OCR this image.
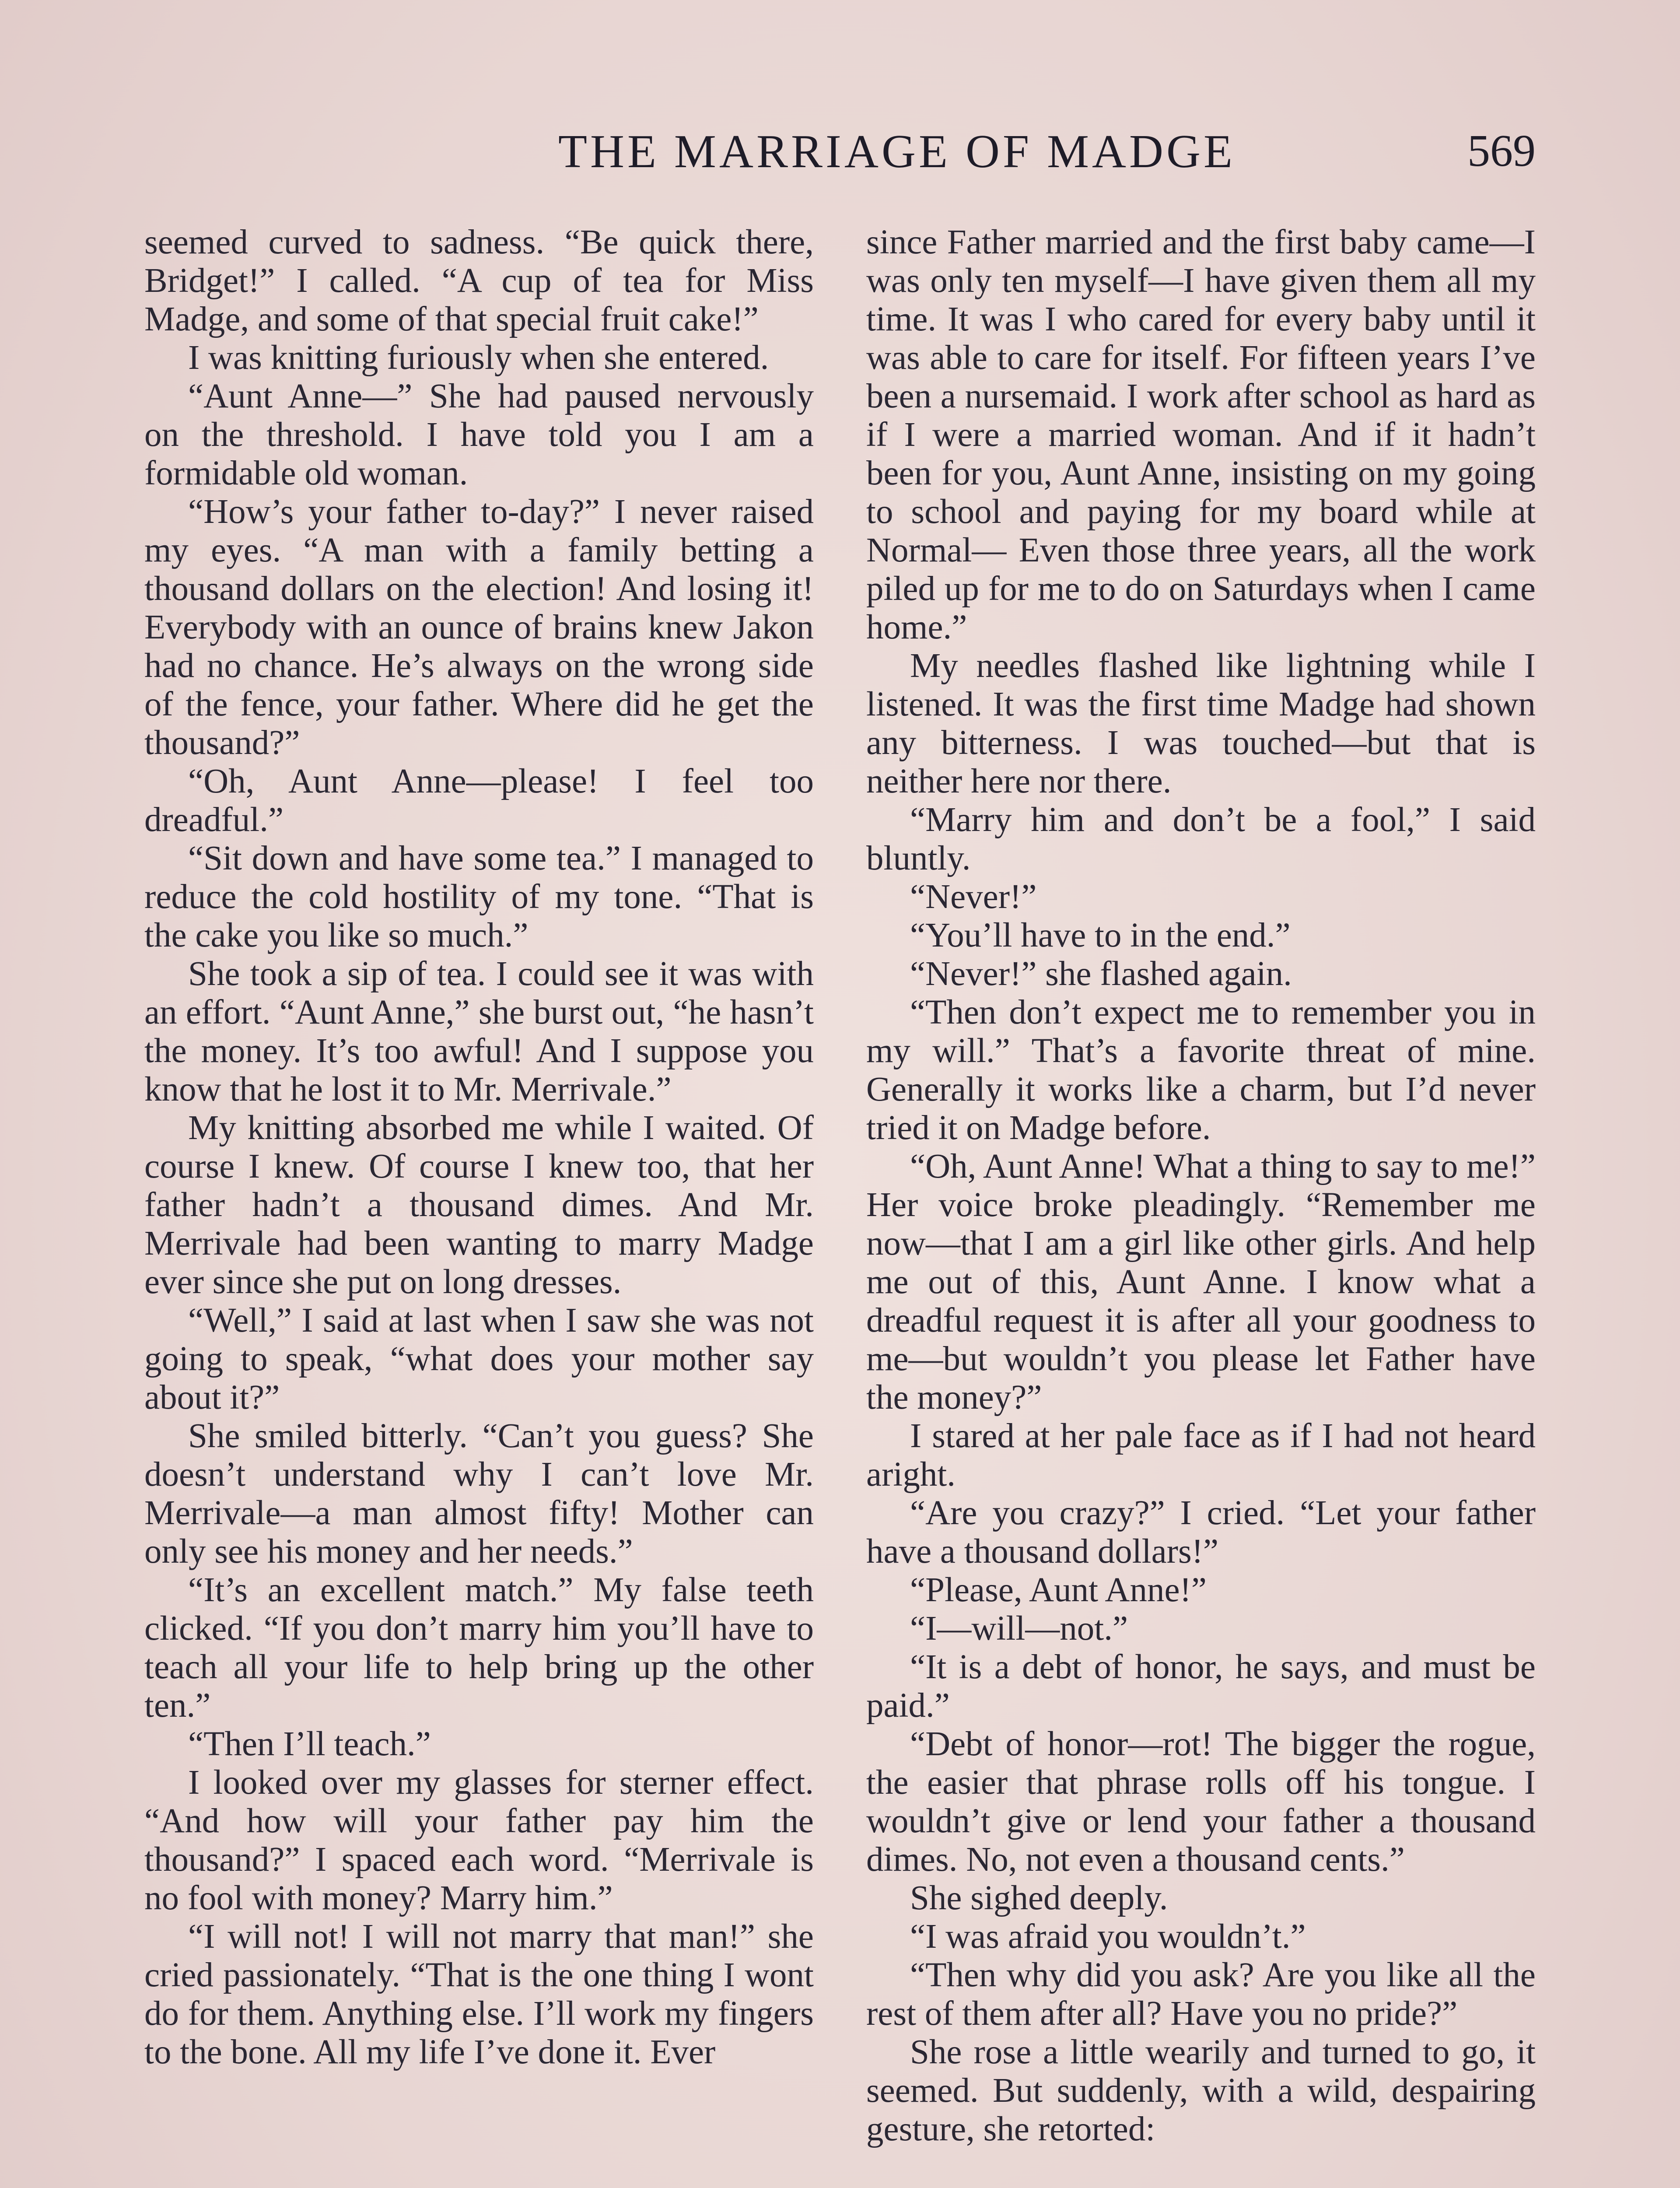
THE MARRIAGE OF MADGE	569

seemed curved to sadness. “Be quick there, Bridget!” I called. “A cup of tea for Miss Madge, and some of that special fruit cake!”

I was knitting furiously when she entered.

“Aunt Anne—” She had paused nervously on the threshold. I have told you I am a formidable old woman.

“How’s your father to-day?” I never raised my eyes. “A man with a family betting a thousand dollars on the election! And losing it! Everybody with an ounce of brains knew Jakon had no chance. He’s always on the wrong side of the fence, your father. Where did he get the thousand?”

“Oh, Aunt Anne—please! I feel too dreadful.”

“Sit down and have some tea.” I managed to reduce the cold hostility of my tone. “That is the cake you like so much.”

She took a sip of tea. I could see it was with an effort. “Aunt Anne,” she burst out, “he hasn’t the money. It’s too awful! And I suppose you know that he lost it to Mr. Merrivale.”

My knitting absorbed me while I waited. Of course I knew. Of course I knew too, that her father hadn’t a thousand dimes. And Mr. Merrivale had been wanting to marry Madge ever since she put on long dresses.

“Well,” I said at last when I saw she was not going to speak, “what does your mother say about it?”

She smiled bitterly. “Can’t you guess? She doesn’t understand why I can’t love Mr. Merrivale—a man almost fifty! Mother can only see his money and her needs.”

“It’s an excellent match.” My false teeth clicked. “If you don’t marry him you’ll have to teach all your life to help bring up the other ten.”

“Then I’ll teach.”

I looked over my glasses for sterner effect. “And how will your father pay him the thousand?” I spaced each word. “Merrivale is no fool with money? Marry him.”

“I will not! I will not marry that man!” she cried passionately. “That is the one thing I wont do for them. Anything else. I’ll work my fingers to the bone. All my life I’ve done it. Ever

since Father married and the first baby came—I was only ten myself—I have given them all my time. It was I who cared for every baby until it was able to care for itself. For fifteen years I’ve been a nursemaid. I work after school as hard as if I were a married woman. And if it hadn’t been for you, Aunt Anne, insisting on my going to school and paying for my board while at Normal— Even those three years, all the work piled up for me to do on Saturdays when I came home.”

My needles flashed like lightning while I listened. It was the first time Madge had shown any bitterness. I was touched—but that is neither here nor there.

“Marry him and don’t be a fool,” I said bluntly.

“Never!”

“You’ll have to in the end.”

“Never!” she flashed again.

“Then don’t expect me to remember you in my will.” That’s a favorite threat of mine. Generally it works like a charm, but I’d never tried it on Madge before.

“Oh, Aunt Anne! What a thing to say to me!” Her voice broke pleadingly. “Remember me now—that I am a girl like other girls. And help me out of this, Aunt Anne. I know what a dreadful request it is after all your goodness to me—but wouldn’t you please let Father have the money?”

I stared at her pale face as if I had not heard aright.

“Are you crazy?” I cried. “Let your father have a thousand dollars!”

“Please, Aunt Anne!”

“I—will—not.”

“It is a debt of honor, he says, and must be paid.”

“Debt of honor—rot! The bigger the rogue, the easier that phrase rolls off his tongue. I wouldn’t give or lend your father a thousand dimes. No, not even a thousand cents.”

She sighed deeply.

“I was afraid you wouldn’t.”

“Then why did you ask? Are you like all the rest of them after all? Have you no pride?”

She rose a little wearily and turned to go, it seemed. But suddenly, with a wild, despairing gesture, she retorted:
